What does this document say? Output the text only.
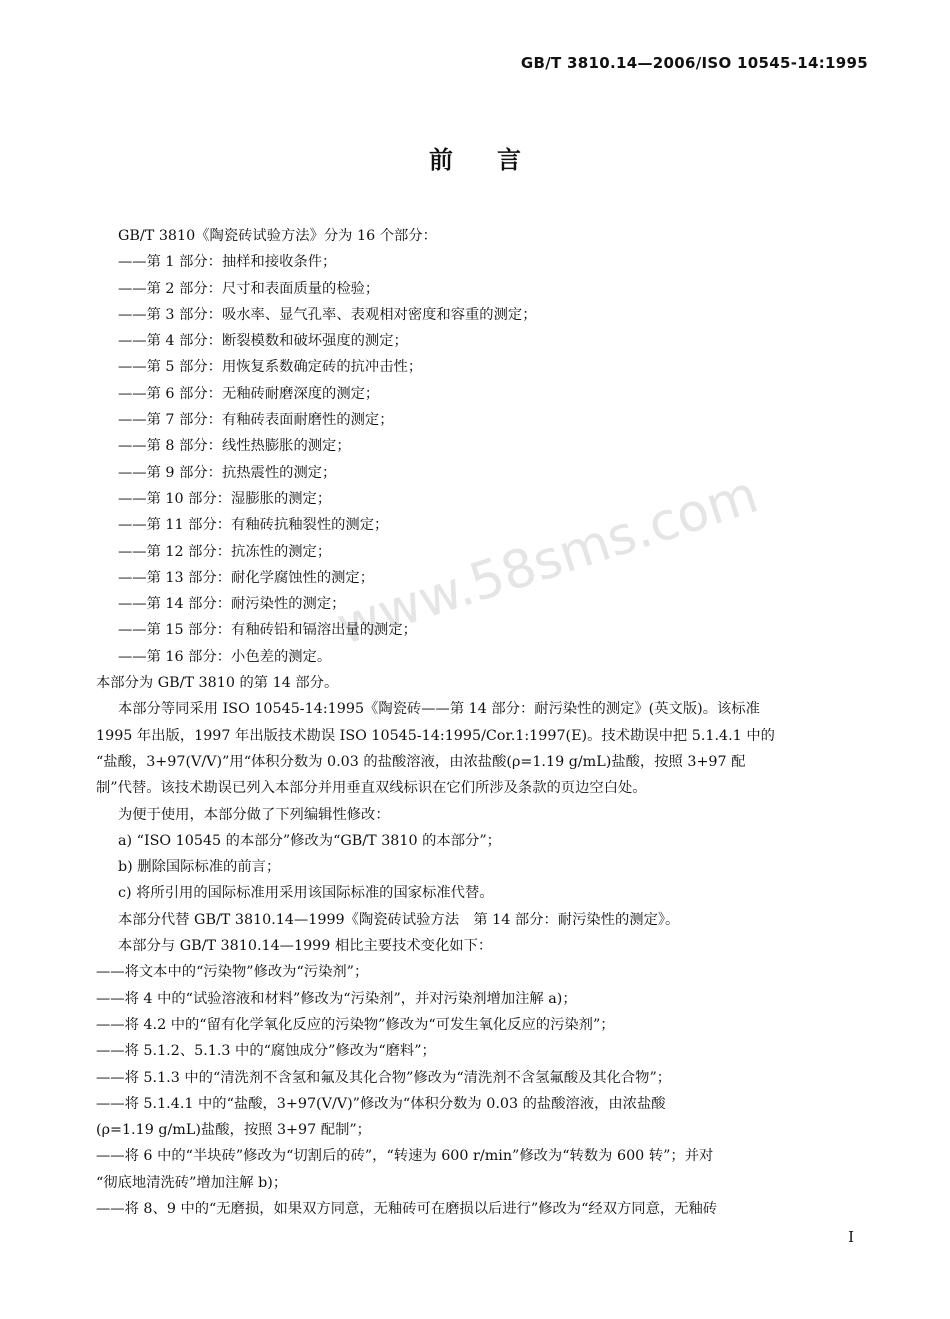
GB/T 3810.14—2006/ISO 10545-14:1995
前言
www.58sms.com
GB/T 3810《陶瓷砖试验方法》分为 16 个部分：
——第 1 部分：抽样和接收条件；
——第 2 部分：尺寸和表面质量的检验；
——第 3 部分：吸水率、显气孔率、表观相对密度和容重的测定；
——第 4 部分：断裂模数和破坏强度的测定；
——第 5 部分：用恢复系数确定砖的抗冲击性；
——第 6 部分：无釉砖耐磨深度的测定；
——第 7 部分：有釉砖表面耐磨性的测定；
——第 8 部分：线性热膨胀的测定；
——第 9 部分：抗热震性的测定；
——第 10 部分：湿膨胀的测定；
——第 11 部分：有釉砖抗釉裂性的测定；
——第 12 部分：抗冻性的测定；
——第 13 部分：耐化学腐蚀性的测定；
——第 14 部分：耐污染性的测定；
——第 15 部分：有釉砖铅和镉溶出量的测定；
——第 16 部分：小色差的测定。
本部分为 GB/T 3810 的第 14 部分。
本部分等同采用 ISO 10545-14:1995《陶瓷砖——第 14 部分：耐污染性的测定》(英文版)。该标准
1995 年出版，1997 年出版技术勘误 ISO 10545-14:1995/Cor.1:1997(E)。技术勘误中把 5.1.4.1 中的
“盐酸，3+97(V/V)”用“体积分数为 0.03 的盐酸溶液，由浓盐酸(ρ=1.19 g/mL)盐酸，按照 3+97 配
制”代替。该技术勘误已列入本部分并用垂直双线标识在它们所涉及条款的页边空白处。
为便于使用，本部分做了下列编辑性修改：
a) “ISO 10545 的本部分”修改为“GB/T 3810 的本部分”；
b) 删除国际标准的前言；
c) 将所引用的国际标准用采用该国际标准的国家标准代替。
本部分代替 GB/T 3810.14—1999《陶瓷砖试验方法　第 14 部分：耐污染性的测定》。
本部分与 GB/T 3810.14—1999 相比主要技术变化如下：
——将文本中的“污染物”修改为“污染剂”；
——将 4 中的“试验溶液和材料”修改为“污染剂”，并对污染剂增加注解 a)；
——将 4.2 中的“留有化学氧化反应的污染物”修改为“可发生氧化反应的污染剂”；
——将 5.1.2、5.1.3 中的“腐蚀成分”修改为“磨料”；
——将 5.1.3 中的“清洗剂不含氢和氟及其化合物”修改为“清洗剂不含氢氟酸及其化合物”；
——将 5.1.4.1 中的“盐酸，3+97(V/V)”修改为“体积分数为 0.03 的盐酸溶液，由浓盐酸
(ρ=1.19 g/mL)盐酸，按照 3+97 配制”；
——将 6 中的“半块砖”修改为“切割后的砖”，“转速为 600 r/min”修改为“转数为 600 转”；并对
“彻底地清洗砖”增加注解 b)；
——将 8、9 中的“无磨损，如果双方同意，无釉砖可在磨损以后进行”修改为“经双方同意，无釉砖
I
